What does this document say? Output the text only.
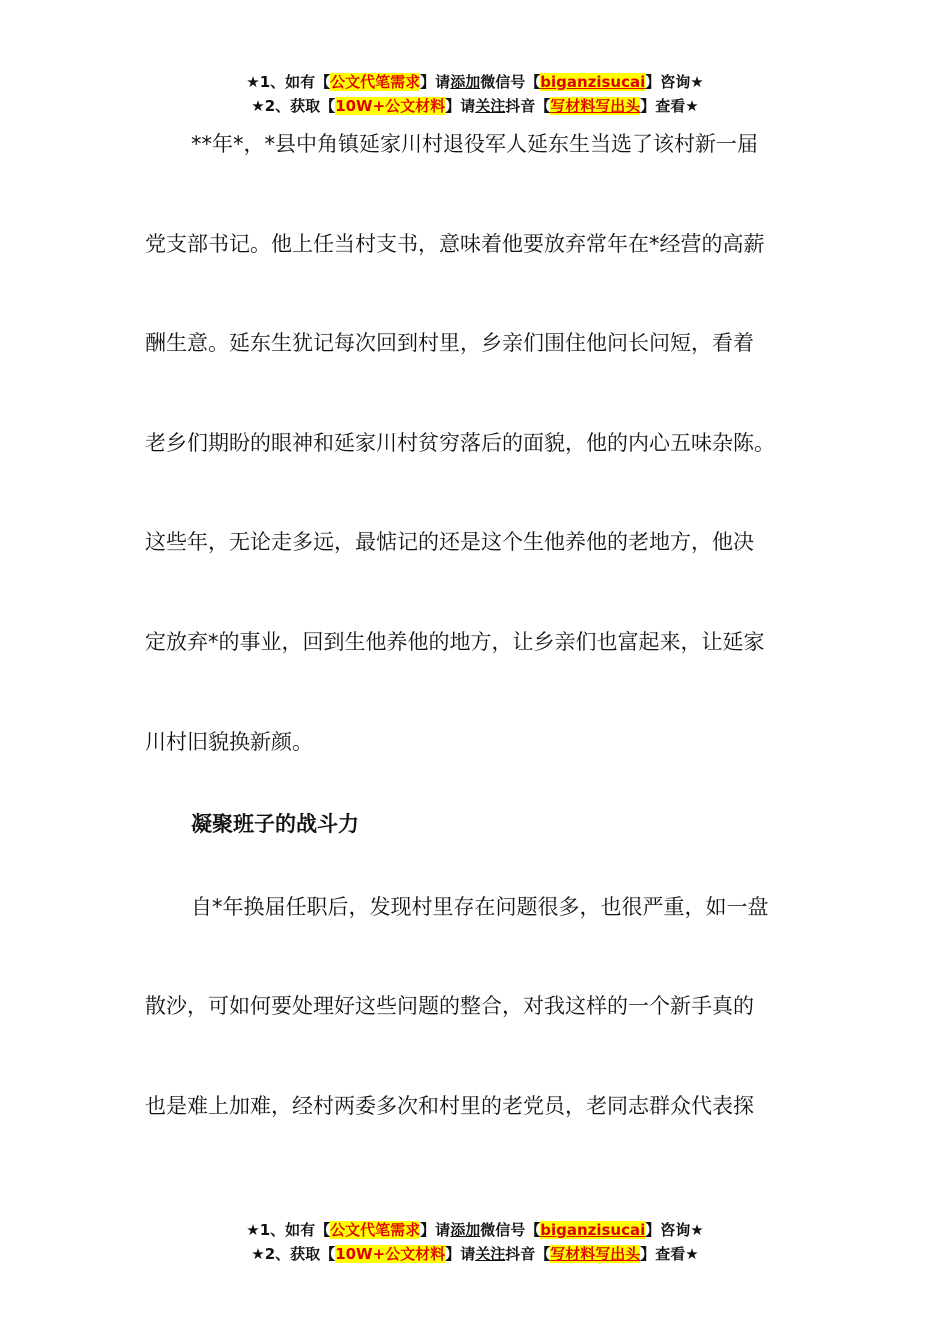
★1、如有【公文代笔需求】请添加微信号【biganzisucai】咨询★
★2、获取【10W+公文材料】请关注抖音【写材料写出头】查看★
**年*，*县中角镇延家川村退役军人延东生当选了该村新一届
党支部书记。他上任当村支书，意味着他要放弃常年在*经营的高薪
酬生意。延东生犹记每次回到村里，乡亲们围住他问长问短，看着
老乡们期盼的眼神和延家川村贫穷落后的面貌，他的内心五味杂陈。
这些年，无论走多远，最惦记的还是这个生他养他的老地方，他决
定放弃*的事业，回到生他养他的地方，让乡亲们也富起来，让延家
川村旧貌换新颜。
凝聚班子的战斗力
自*年换届任职后，发现村里存在问题很多，也很严重，如一盘
散沙，可如何要处理好这些问题的整合，对我这样的一个新手真的
也是难上加难，经村两委多次和村里的老党员，老同志群众代表探
★1、如有【公文代笔需求】请添加微信号【biganzisucai】咨询★
★2、获取【10W+公文材料】请关注抖音【写材料写出头】查看★
